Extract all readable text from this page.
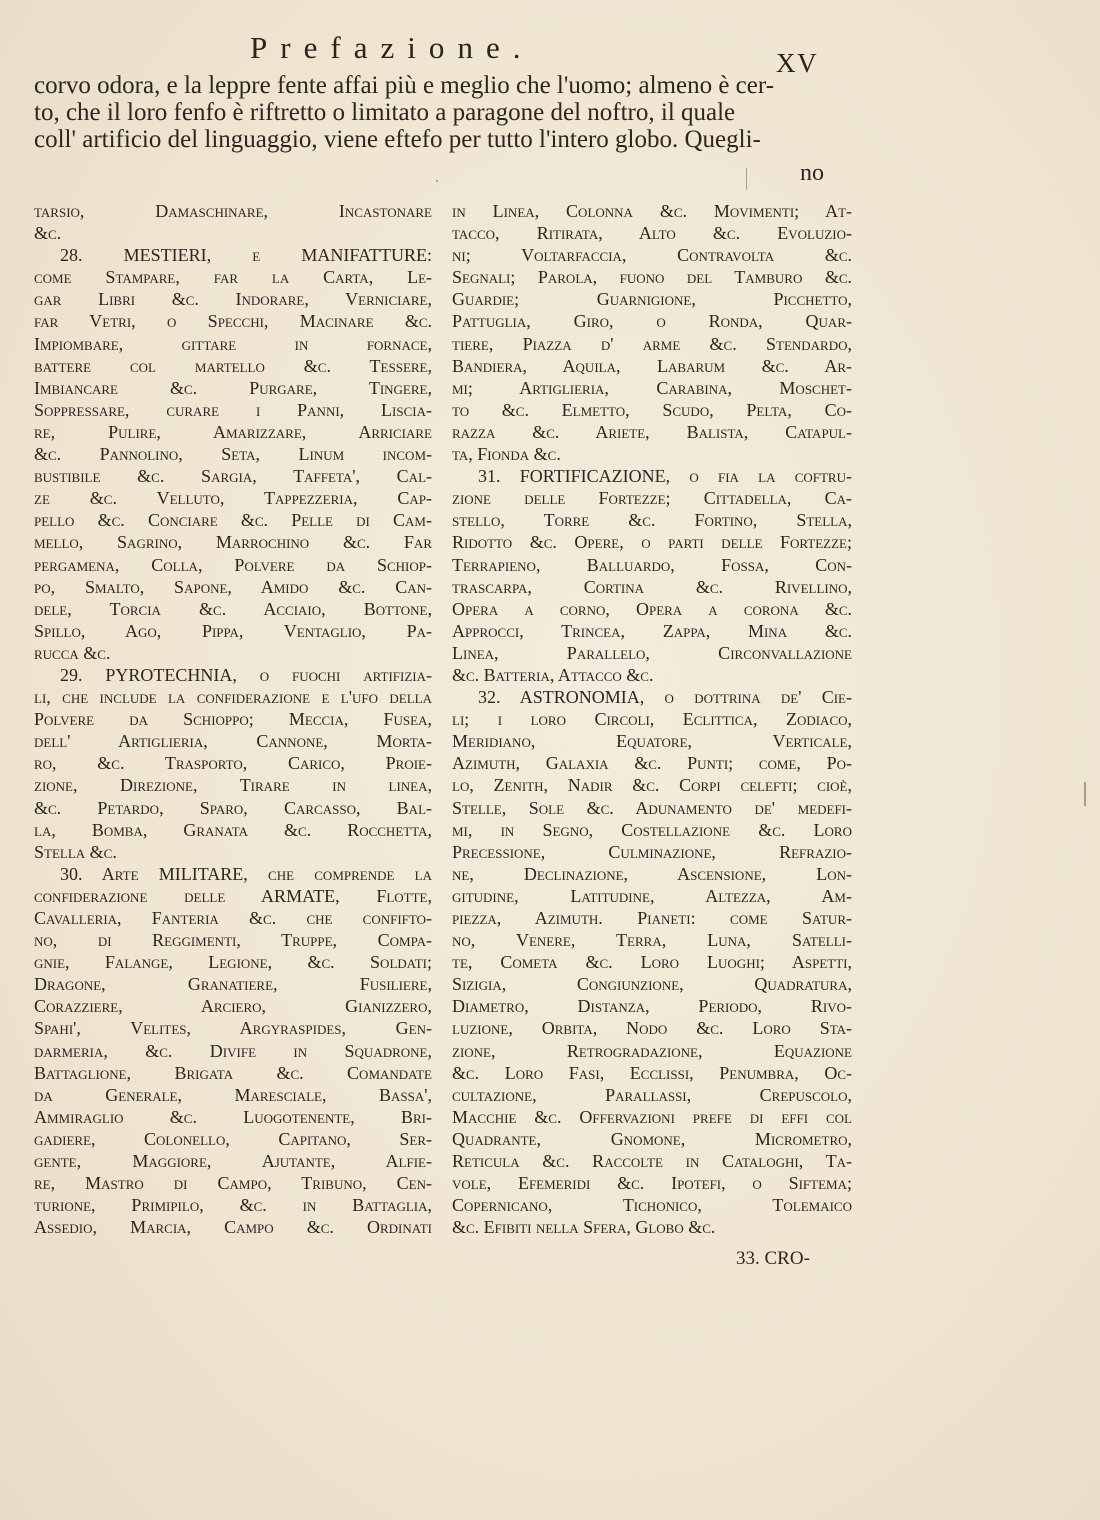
Prefazione.	XV
corvo odora, e la leppre fente affai più e meglio che l'uomo; almeno è cer-
to, che il loro fenfo è riftretto o limitato a paragone del noftro, il quale
coll' artificio del linguaggio, viene eftefo per tutto l'intero globo. Quegli-
no
tarsio, Damaschinare, Incastonare
&c.
28. MESTIERI, e MANIFATTURE:
come Stampare, far la Carta, Le-
gar Libri &c. Indorare, Verniciare,
far Vetri, o Specchi, Macinare &c.
Impiombare, gittare in fornace,
battere col martello &c. Tessere,
Imbiancare &c. Purgare, Tingere,
Soppressare, curare i Panni, Lisciа-
re, Pulire, Amarizzare, Arriciare
&c. Pannolino, Seta, Linum incom-
bustibile &c. Sargia, Taffeta', Cal-
ze &c. Velluto, Tappezzeria, Cap-
pello &c. Conciare &c. Pelle di Cam-
mello, Sagrino, Marrochino &c. Far
pergamena, Colla, Polvere da Schiop-
po, Smalto, Sapone, Amido &c. Can-
dele, Torcia &c. Acciaio, Bottone,
Spillo, Ago, Pippa, Ventaglio, Pa-
rucca &c.
29. PYROTECHNIA, o fuochi artifizia-
li, che include la confiderazione e l'ufo della
Polvere da Schioppo; Meccia, Fusea,
dell' Artiglieria, Cannone, Morta-
ro, &c. Trasporto, Carico, Proie-
zione, Direzione, Tirare in linea,
&c. Petardo, Sparo, Carcasso, Bal-
la, Bomba, Granata &c. Rocchetta,
Stella &c.
30. Arte MILITARE, che comprende la
confiderazione delle ARMATE, Flotte,
Cavalleria, Fanteria &c. che confifto-
no, di Reggimenti, Truppe, Compa-
gnie, Falange, Legione, &c. Soldati;
Dragone, Granatiere, Fusiliere,
Corazziere, Arciero, Gianizzero,
Spahi', Velites, Argyraspides, Gen-
darmeria, &c. Divife in Squadrone,
Battaglione, Brigata &c. Comandate
da Generale, Maresciale, Bassa',
Ammiraglio &c. Luogotenente, Bri-
gadiere, Colonello, Capitano, Ser-
gente, Maggiore, Ajutante, Alfie-
re, Mastro di Campo, Tribuno, Cen-
turione, Primipilo, &c. in Battaglia,
Assedio, Marcia, Campo &c. Ordinati
in Linea, Colonna &c. Movimenti; At-
tacco, Ritirata, Alto &c. Evoluzio-
ni; Voltarfaccia, Contravolta &c.
Segnali; Parola, fuono del Tamburo &c.
Guardie; Guarnigione, Picchetto,
Pattuglia, Giro, o Ronda, Quar-
tiere, Piazza d' arme &c. Stendardo,
Bandiera, Aquila, Labarum &c. Ar-
mi; Artiglieria, Carabina, Moschet-
to &c. Elmetto, Scudo, Pelta, Co-
razza &c. Ariete, Balista, Catapul-
ta, Fionda &c.
31. FORTIFICAZIONE, o fia la coftru-
zione delle Fortezze; Cittadella, Ca-
stello, Torre &c. Fortino, Stella,
Ridotto &c. Opere, o parti delle Fortezze;
Terrapieno, Balluardo, Fossa, Con-
trascarpa, Cortina &c. Rivellino,
Opera a corno, Opera a corona &c.
Approcci, Trincea, Zappa, Mina &c.
Linea, Parallelo, Circonvallazione
&c. Batteria, Attacco &c.
32. ASTRONOMIA, o dottrina de' Cie-
li; i loro Circoli, Eclittica, Zodiaco,
Meridiano, Equatore, Verticale,
Azimuth, Galaxia &c. Punti; come, Po-
lo, Zenith, Nadir &c. Corpi celefti; cioè,
Stelle, Sole &c. Adunamento de' medefi-
mi, in Segno, Costellazione &c. Loro
Precessione, Culminazione, Refrazio-
ne, Declinazione, Ascensione, Lon-
gitudine, Latitudine, Altezza, Am-
piezza, Azimuth. Pianeti: come Satur-
no, Venere, Terra, Luna, Satelli-
te, Cometa &c. Loro Luoghi; Aspetti,
Sizigia, Congiunzione, Quadratura,
Diametro, Distanza, Periodo, Rivo-
luzione, Orbita, Nodo &c. Loro Sta-
zione, Retrogradazione, Equazione
&c. Loro Fasi, Ecclissi, Penumbra, Oc-
cultazione, Parallassi, Crepuscolo,
Macchie &c. Offervazioni prefe di effi col
Quadrante, Gnomone, Micrometro,
Reticula &c. Raccolte in Cataloghi, Ta-
vole, Efemeridi &c. Ipotefi, o Siftema;
Copernicano, Tichonico, Tolemaico
&c. Efibiti nella Sfera, Globo &c.
33. CRO-
